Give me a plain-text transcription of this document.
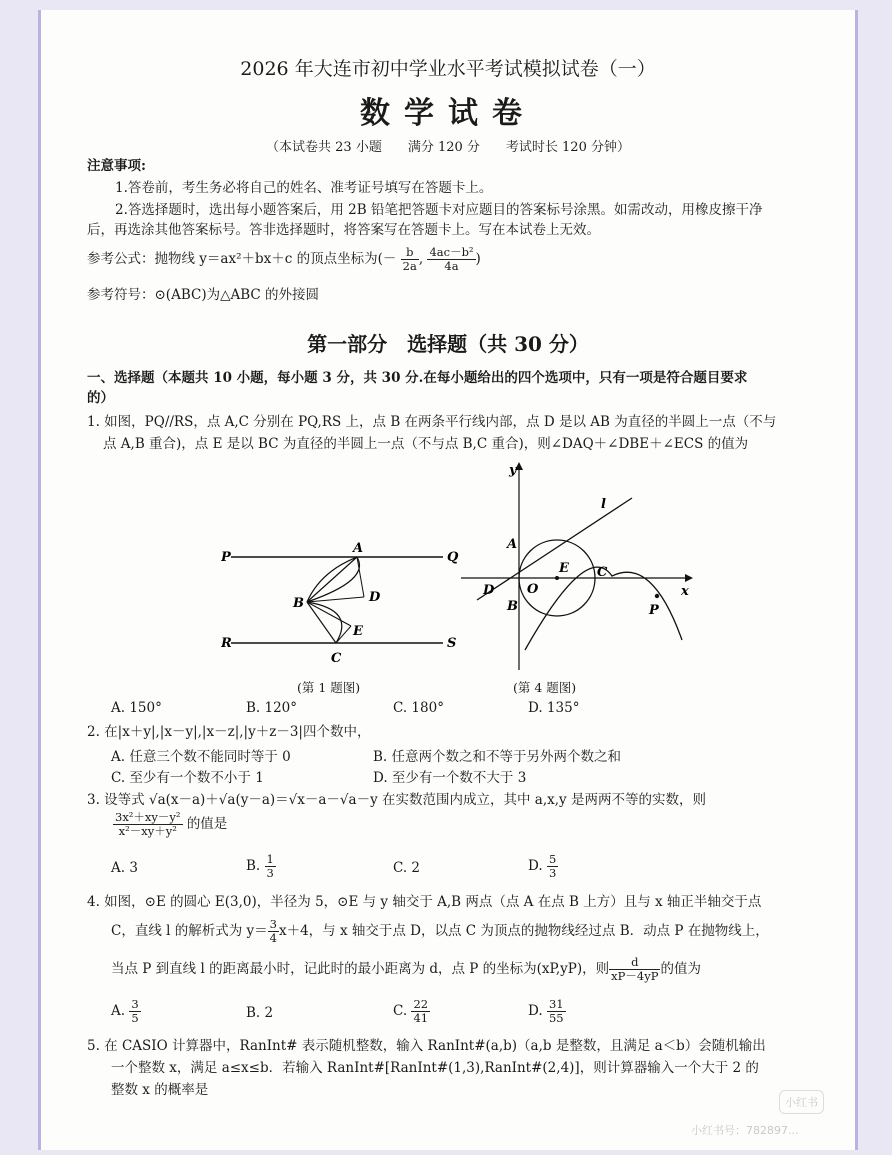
2026 年大连市初中学业水平考试模拟试卷（一）
数学试卷
（本试卷共 23 小题　　满分 120 分　　考试时长 120 分钟）
注意事项:
1.答卷前，考生务必将自己的姓名、准考证号填写在答题卡上。
2.答选择题时，选出每小题答案后，用 2B 铅笔把答题卡对应题目的答案标号涂黑。如需改动，用橡皮擦干净
后，再选涂其他答案标号。答非选择题时，将答案写在答题卡上。写在本试卷上无效。
参考公式：抛物线 y＝ax²＋bx＋c 的顶点坐标为(－ $\frac{b}{2a}$ , $\frac{\text{4ac－b²}}{4a}$ )
参考符号：⊙(ABC)为△ABC 的外接圆
第一部分　选择题（共 30 分）
一、选择题（本题共 10 小题，每小题 3 分，共 30 分.在每小题给出的四个选项中，只有一项是符合题目要求
的）
1. 如图，PQ//RS，点 A,C 分别在 PQ,RS 上，点 B 在两条平行线内部，点 D 是以 AB 为直径的半圆上一点（不与
点 A,B 重合)，点 E 是以 BC 为直径的半圆上一点（不与点 B,C 重合)，则∠DAQ＋∠DBE＋∠ECS 的值为
P	Q
R	S
A
B
C
D
E
y
x
l
A
B
C
D
E
O
P
(第 1 题图)	(第 4 题图)
A. 150°	B. 120°	C. 180°	D. 135°
2. 在|x＋y|,|x－y|,|x－z|,|y＋z－3|四个数中，
A. 任意三个数不能同时等于 0	B. 任意两个数之和不等于另外两个数之和
C. 至少有一个数不小于 1	D. 至少有一个数不大于 3
3. 设等式 √a(x－a)＋√a(y－a)＝√x－a－√a－y 在实数范围内成立，其中 a,x,y 是两两不等的实数，则
$\frac{\text{3x²＋xy－y²}}{\text{x²－xy＋y²}}$ 的值是
A. 3	B. $\frac{1}{3}$	C. 2	D. $\frac{5}{3}$
4. 如图，⊙E 的圆心 E(3,0)，半径为 5，⊙E 与 y 轴交于 A,B 两点（点 A 在点 B 上方）且与 x 轴正半轴交于点
C，直线 l 的解析式为 $y= \frac{3}{4} x+4$，与 x 轴交于点 D，以点 C 为顶点的抛物线经过点 B．动点 P 在抛物线上，
当点 P 到直线 l 的距离最小时，记此时的最小距离为 d，点 P 的坐标为(xP,yP)，则 $\frac{d}{xP-4yP}$ 的值为
A. $\frac{3}{5}$	B. 2	C. $\frac{22}{41}$	D. $\frac{31}{55}$
5. 在 CASIO 计算器中，RanInt# 表示随机整数，输入 RanInt#(a,b)（a,b 是整数，且满足 a＜b）会随机输出
一个整数 x，满足 a≤x≤b．若输入 RanInt#[RanInt#(1,3),RanInt#(2,4)]，则计算器输入一个大于 2 的
整数 x 的概率是
小红书
小红书号：782897...
